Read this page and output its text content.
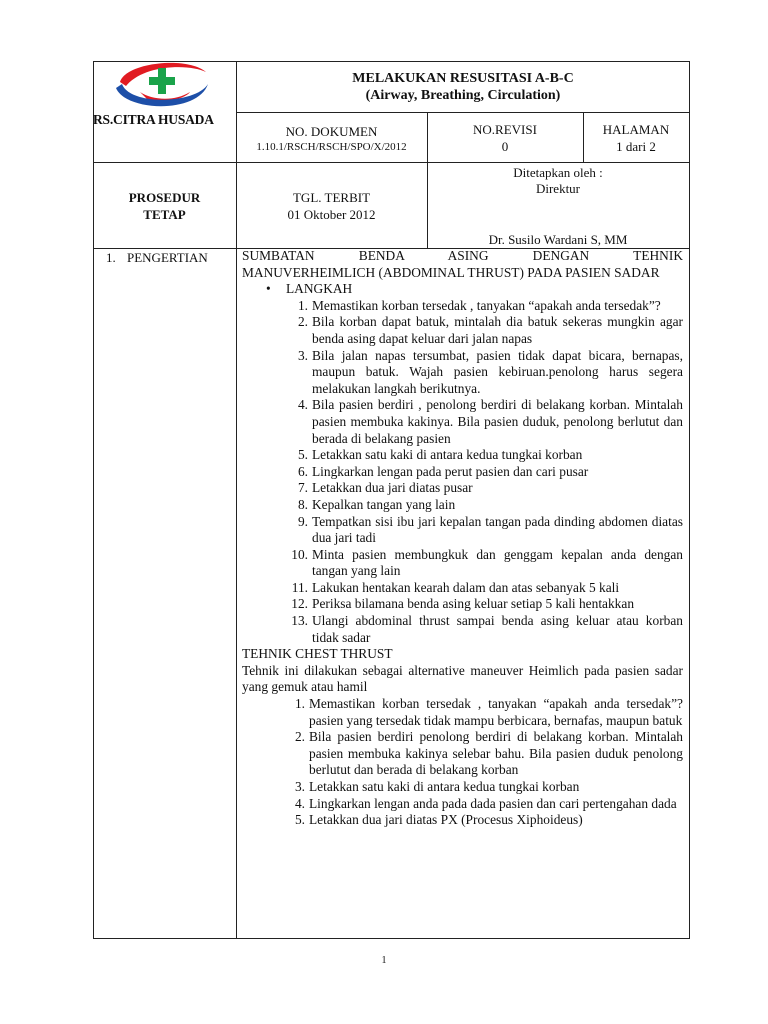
RS.CITRA HUSADA
MELAKUKAN RESUSITASI A-B-C
(Airway, Breathing, Circulation)
NO. DOKUMEN
1.10.1/RSCH/RSCH/SPO/X/2012
NO.REVISI
0
HALAMAN
1 dari 2
PROSEDUR
TETAP
TGL. TERBIT
01 Oktober 2012
Ditetapkan oleh :
Direktur
Dr. Susilo Wardani S, MM
1. PENGERTIAN	SUMBATAN BENDA ASING DENGAN TEHNIK

MANUVERHEIMLICH (ABDOMINAL THRUST) PADA PASIEN SADAR

•	LANGKAH
1. Memastikan korban tersedak , tanyakan “apakah anda tersedak”?
2. Bila korban dapat batuk, mintalah dia batuk sekeras mungkin agar benda asing dapat keluar dari jalan napas
3. Bila jalan napas tersumbat, pasien tidak dapat bicara, bernapas, maupun batuk. Wajah pasien kebiruan.penolong harus segera melakukan langkah berikutnya.
4. Bila pasien berdiri , penolong berdiri di belakang korban. Mintalah pasien membuka kakinya. Bila pasien duduk, penolong berlutut dan berada di belakang pasien
5. Letakkan satu kaki di antara kedua tungkai korban
6. Lingkarkan lengan pada perut pasien dan cari pusar
7. Letakkan dua jari diatas pusar
8. Kepalkan tangan yang lain
9. Tempatkan sisi ibu jari kepalan tangan pada dinding abdomen diatas dua jari tadi
10. Minta pasien membungkuk dan genggam kepalan anda dengan tangan yang lain
11. Lakukan hentakan kearah dalam dan atas sebanyak 5 kali
12. Periksa bilamana benda asing keluar setiap 5 kali hentakkan
13. Ulangi abdominal thrust sampai benda asing keluar atau korban tidak sadar

TEHNIK CHEST THRUST

Tehnik ini dilakukan sebagai alternative maneuver Heimlich pada pasien sadar yang gemuk atau hamil

1. Memastikan korban tersedak , tanyakan “apakah anda tersedak”? pasien yang tersedak tidak mampu berbicara, bernafas, maupun batuk
2. Bila pasien berdiri penolong berdiri di belakang korban. Mintalah pasien membuka kakinya selebar bahu. Bila pasien duduk penolong berlutut dan berada di belakang korban
3. Letakkan satu kaki di antara kedua tungkai korban
4. Lingkarkan lengan anda pada dada pasien dan cari pertengahan dada
5. Letakkan dua jari diatas PX (Procesus Xiphoideus)
1
